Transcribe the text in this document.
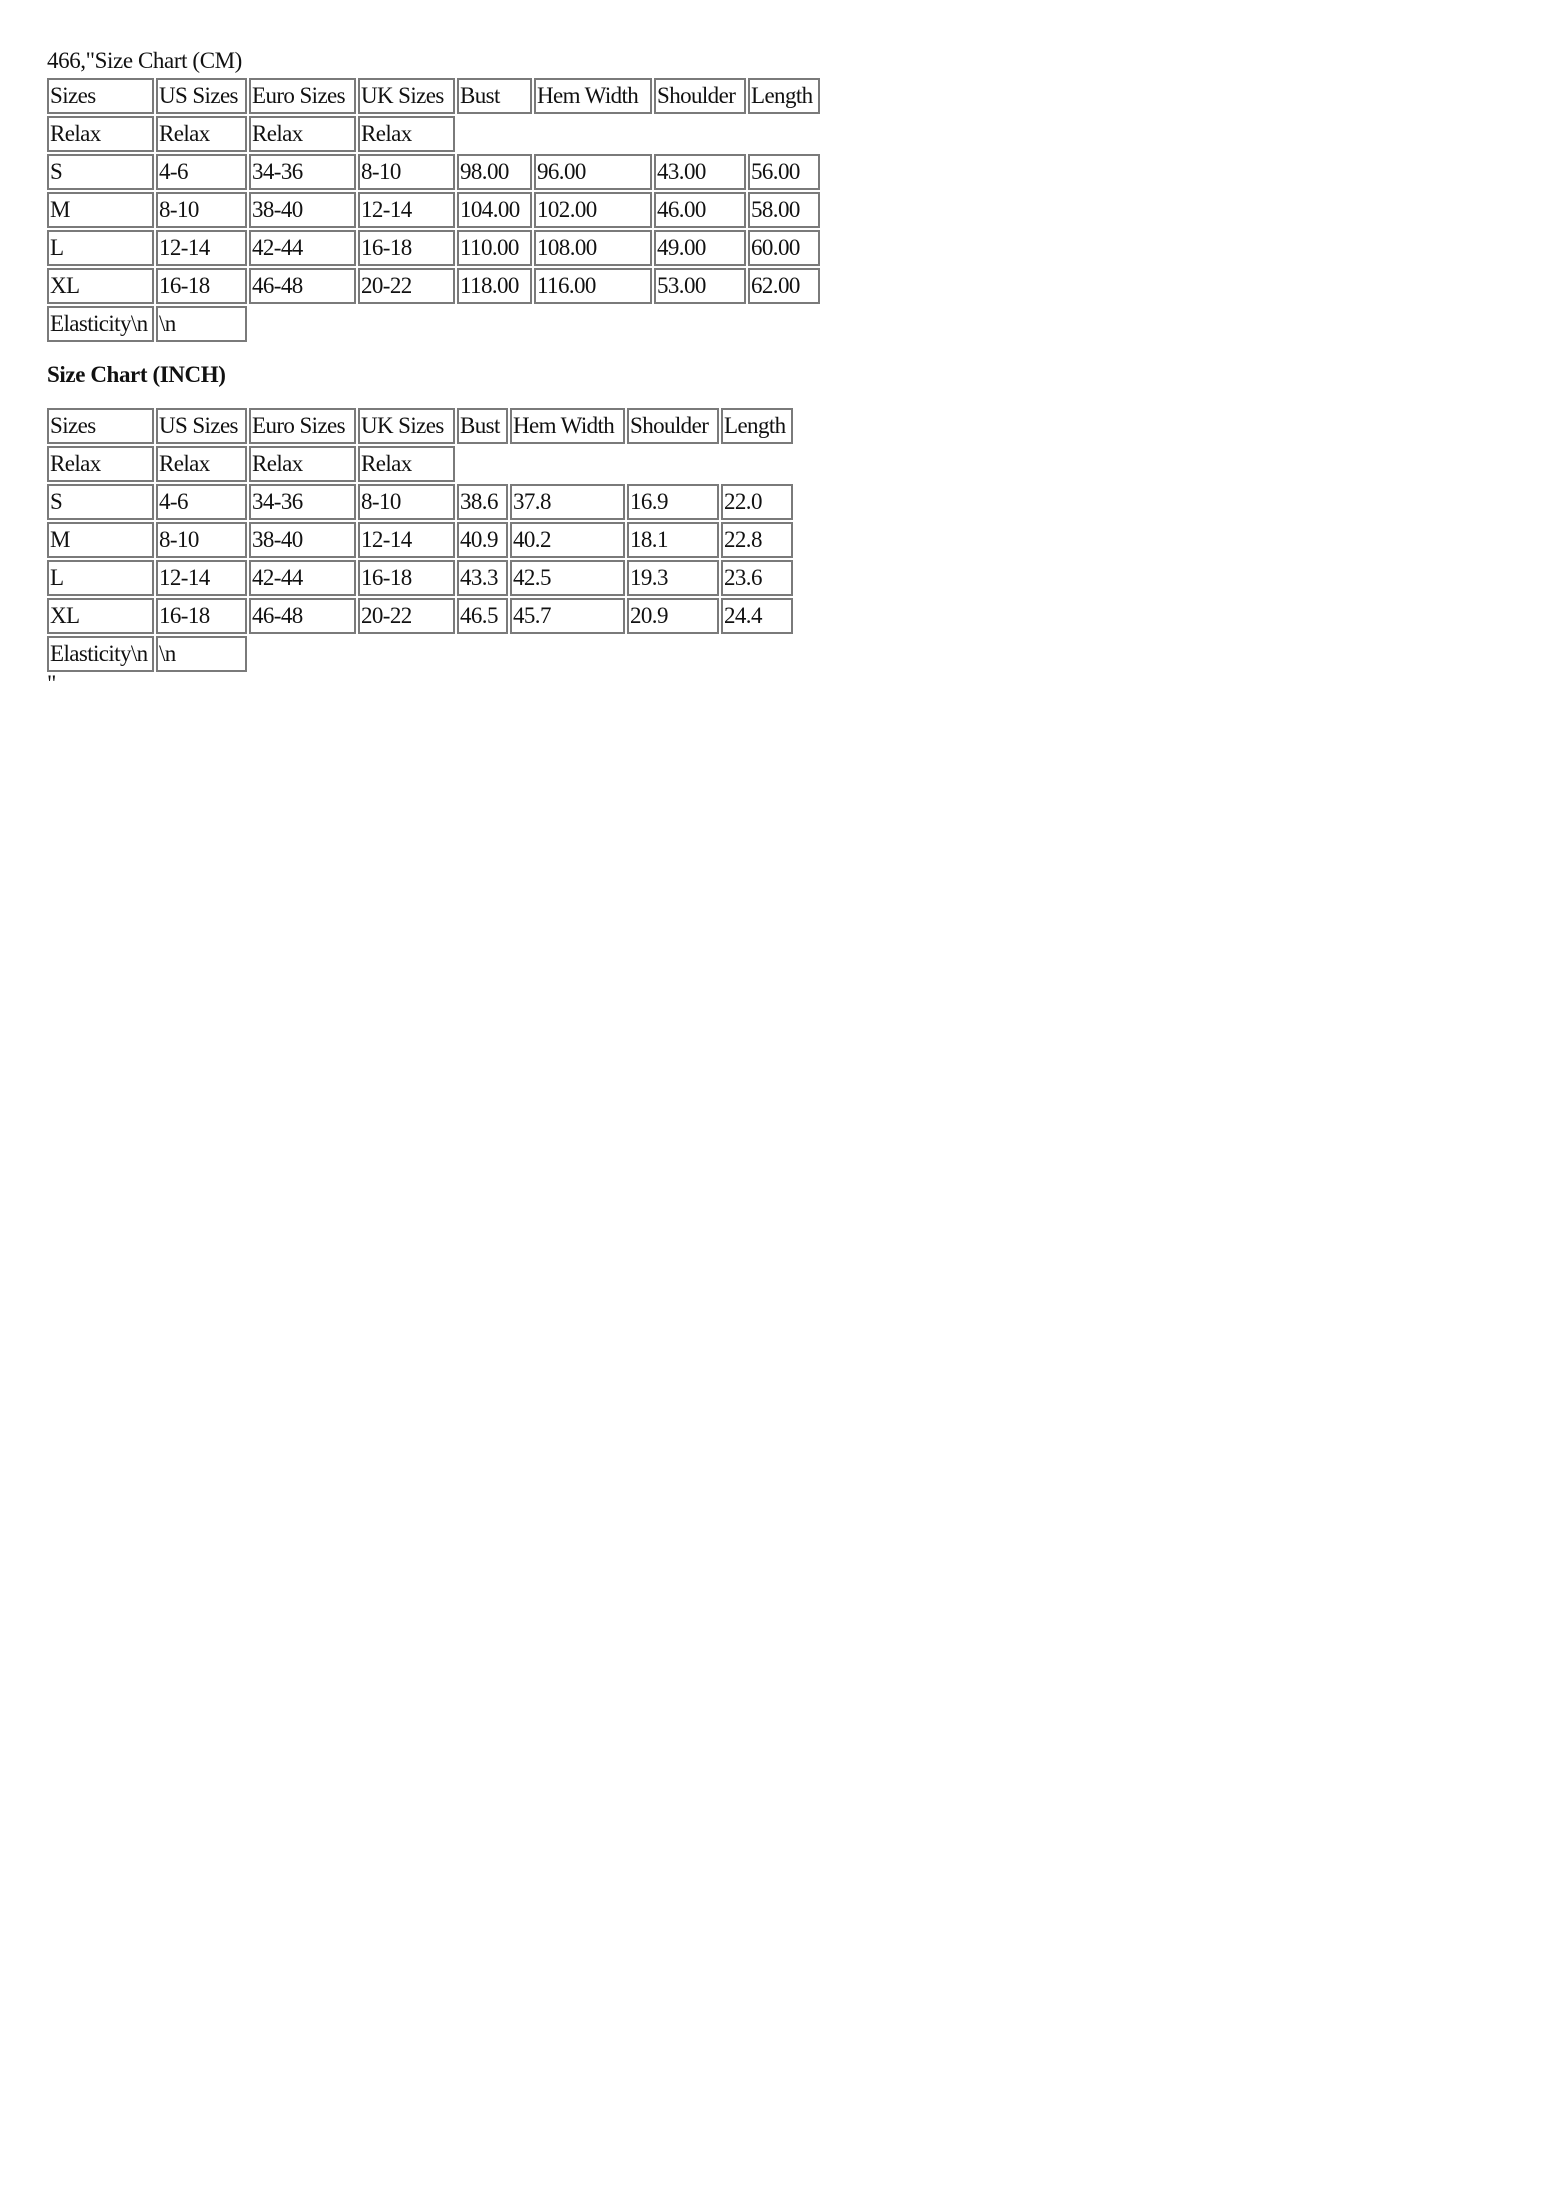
466,"Size Chart (CM)
Sizes	US Sizes	Euro Sizes	UK Sizes	Bust	Hem Width	Shoulder	Length
Relax	Relax	Relax	Relax				
S	4-6	34-36	8-10	98.00	96.00	43.00	56.00
M	8-10	38-40	12-14	104.00	102.00	46.00	58.00
L	12-14	42-44	16-18	110.00	108.00	49.00	60.00
XL	16-18	46-48	20-22	118.00	116.00	53.00	62.00
Elasticity\n	\n						
Size Chart (INCH)
Sizes	US Sizes	Euro Sizes	UK Sizes	Bust	Hem Width	Shoulder	Length
Relax	Relax	Relax	Relax				
S	4-6	34-36	8-10	38.6	37.8	16.9	22.0
M	8-10	38-40	12-14	40.9	40.2	18.1	22.8
L	12-14	42-44	16-18	43.3	42.5	19.3	23.6
XL	16-18	46-48	20-22	46.5	45.7	20.9	24.4
Elasticity\n	\n						
"
